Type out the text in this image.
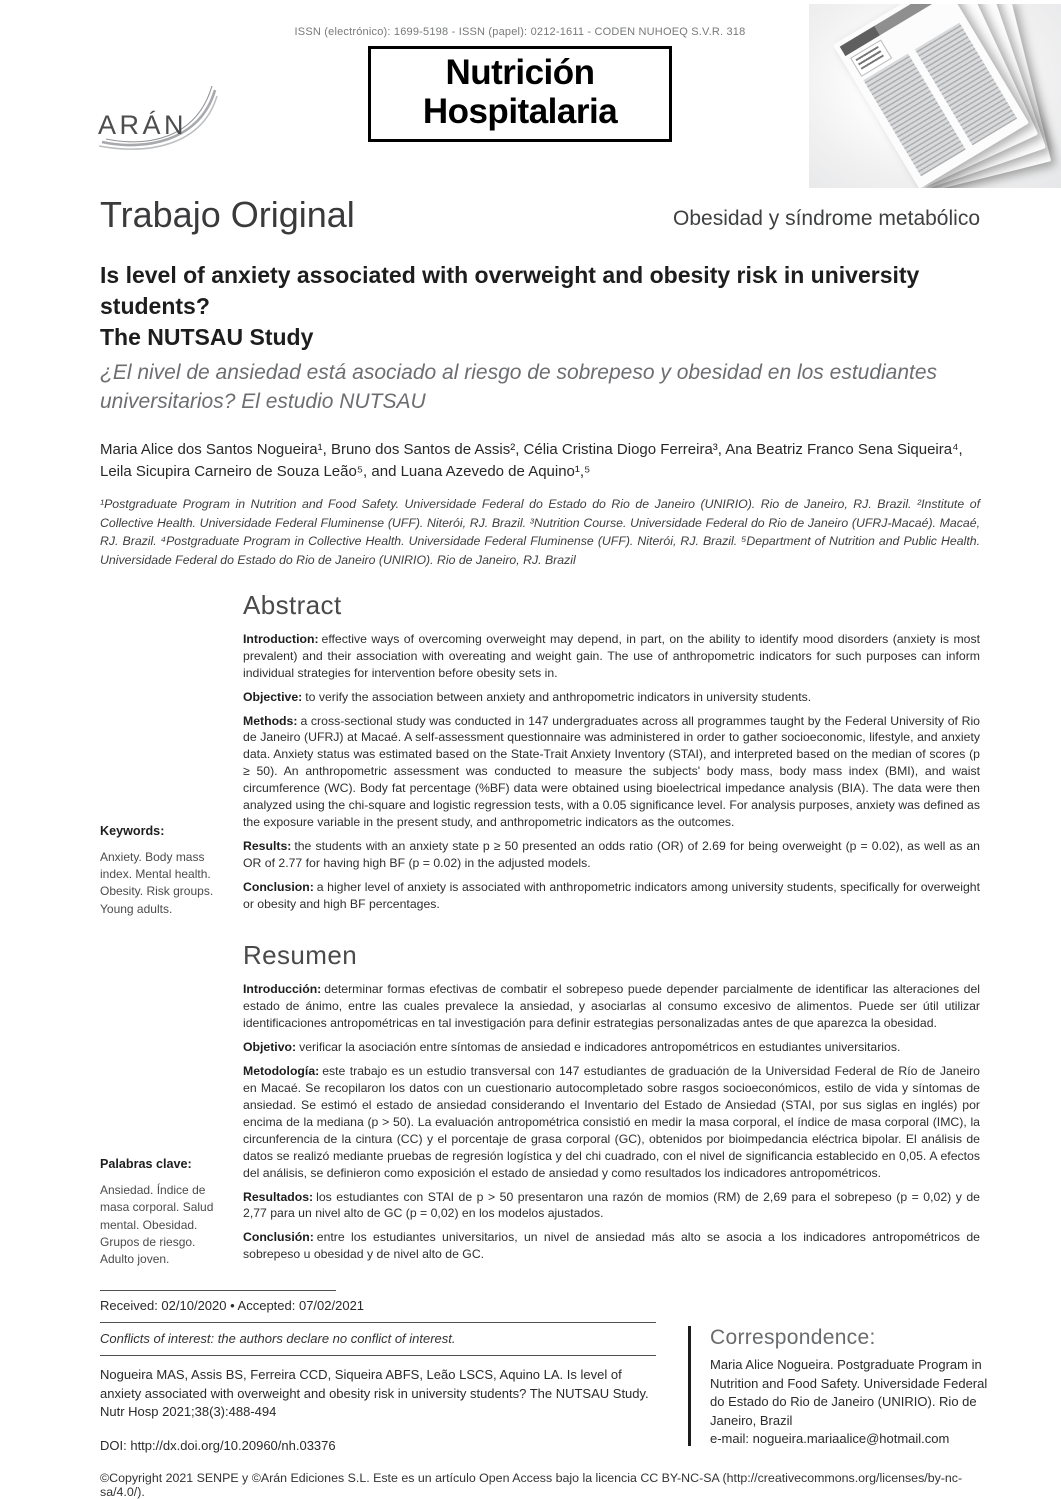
ARÁN
ISSN (electrónico): 1699-5198 - ISSN (papel): 0212-1611 - CODEN NUHOEQ S.V.R. 318
Nutrición
Hospitalaria
Trabajo Original	Obesidad y síndrome metabólico
Is level of anxiety associated with overweight and obesity risk in university students?
The NUTSAU Study
¿El nivel de ansiedad está asociado al riesgo de sobrepeso y obesidad en los estudiantes
universitarios? El estudio NUTSAU
Maria Alice dos Santos Nogueira¹, Bruno dos Santos de Assis², Célia Cristina Diogo Ferreira³, Ana Beatriz Franco Sena Siqueira⁴,
Leila Sicupira Carneiro de Souza Leão⁵, and Luana Azevedo de Aquino¹,⁵
¹Postgraduate Program in Nutrition and Food Safety. Universidade Federal do Estado do Rio de Janeiro (UNIRIO). Rio de Janeiro, RJ. Brazil. ²Institute of Collective Health. Universidade Federal Fluminense (UFF). Niterói, RJ. Brazil. ³Nutrition Course. Universidade Federal do Rio de Janeiro (UFRJ-Macaé). Macaé, RJ. Brazil. ⁴Postgraduate Program in Collective Health. Universidade Federal Fluminense (UFF). Niterói, RJ. Brazil. ⁵Department of Nutrition and Public Health. Universidade Federal do Estado do Rio de Janeiro (UNIRIO). Rio de Janeiro, RJ. Brazil
Keywords:
Anxiety. Body mass index. Mental health. Obesity. Risk groups. Young adults.
Abstract

Introduction: effective ways of overcoming overweight may depend, in part, on the ability to identify mood disorders (anxiety is most prevalent) and their association with overeating and weight gain. The use of anthropometric indicators for such purposes can inform individual strategies for intervention before obesity sets in.

Objective: to verify the association between anxiety and anthropometric indicators in university students.

Methods: a cross-sectional study was conducted in 147 undergraduates across all programmes taught by the Federal University of Rio de Janeiro (UFRJ) at Macaé. A self-assessment questionnaire was administered in order to gather socioeconomic, lifestyle, and anxiety data. Anxiety status was estimated based on the State-Trait Anxiety Inventory (STAI), and interpreted based on the median of scores (p ≥ 50). An anthropometric assessment was conducted to measure the subjects' body mass, body mass index (BMI), and waist circumference (WC). Body fat percentage (%BF) data were obtained using bioelectrical impedance analysis (BIA). The data were then analyzed using the chi-square and logistic regression tests, with a 0.05 significance level. For analysis purposes, anxiety was defined as the exposure variable in the present study, and anthropometric indicators as the outcomes.

Results: the students with an anxiety state p ≥ 50 presented an odds ratio (OR) of 2.69 for being overweight (p = 0.02), as well as an OR of 2.77 for having high BF (p = 0.02) in the adjusted models.

Conclusion: a higher level of anxiety is associated with anthropometric indicators among university students, specifically for overweight or obesity and high BF percentages.

Palabras clave:
Ansiedad. Índice de masa corporal. Salud mental. Obesidad. Grupos de riesgo. Adulto joven.
Resumen

Introducción: determinar formas efectivas de combatir el sobrepeso puede depender parcialmente de identificar las alteraciones del estado de ánimo, entre las cuales prevalece la ansiedad, y asociarlas al consumo excesivo de alimentos. Puede ser útil utilizar identificaciones antropométricas en tal investigación para definir estrategias personalizadas antes de que aparezca la obesidad.

Objetivo: verificar la asociación entre síntomas de ansiedad e indicadores antropométricos en estudiantes universitarios.

Metodología: este trabajo es un estudio transversal con 147 estudiantes de graduación de la Universidad Federal de Río de Janeiro en Macaé. Se recopilaron los datos con un cuestionario autocompletado sobre rasgos socioeconómicos, estilo de vida y síntomas de ansiedad. Se estimó el estado de ansiedad considerando el Inventario del Estado de Ansiedad (STAI, por sus siglas en inglés) por encima de la mediana (p > 50). La evaluación antropométrica consistió en medir la masa corporal, el índice de masa corporal (IMC), la circunferencia de la cintura (CC) y el porcentaje de grasa corporal (GC), obtenidos por bioimpedancia eléctrica bipolar. El análisis de datos se realizó mediante pruebas de regresión logística y del chi cuadrado, con el nivel de significancia establecido en 0,05. A efectos del análisis, se definieron como exposición el estado de ansiedad y como resultados los indicadores antropométricos.

Resultados: los estudiantes con STAI de p > 50 presentaron una razón de momios (RM) de 2,69 para el sobrepeso (p = 0,02) y de 2,77 para un nivel alto de GC (p = 0,02) en los modelos ajustados.

Conclusión: entre los estudiantes universitarios, un nivel de ansiedad más alto se asocia a los indicadores antropométricos de sobrepeso u obesidad y de nivel alto de GC.

Received: 02/10/2020 • Accepted: 07/02/2021
Conflicts of interest: the authors declare no conflict of interest.

Nogueira MAS, Assis BS, Ferreira CCD, Siqueira ABFS, Leão LSCS, Aquino LA. Is level of anxiety associated with overweight and obesity risk in university students? The NUTSAU Study. Nutr Hosp 2021;38(3):488-494

DOI: http://dx.doi.org/10.20960/nh.03376
Correspondence:

Maria Alice Nogueira. Postgraduate Program in Nutrition and Food Safety. Universidade Federal do Estado do Rio de Janeiro (UNIRIO). Rio de Janeiro, Brazil

e-mail: nogueira.mariaalice@hotmail.com

©Copyright 2021 SENPE y ©Arán Ediciones S.L. Este es un artículo Open Access bajo la licencia CC BY-NC-SA (http://creativecommons.org/licenses/by-nc-sa/4.0/).
